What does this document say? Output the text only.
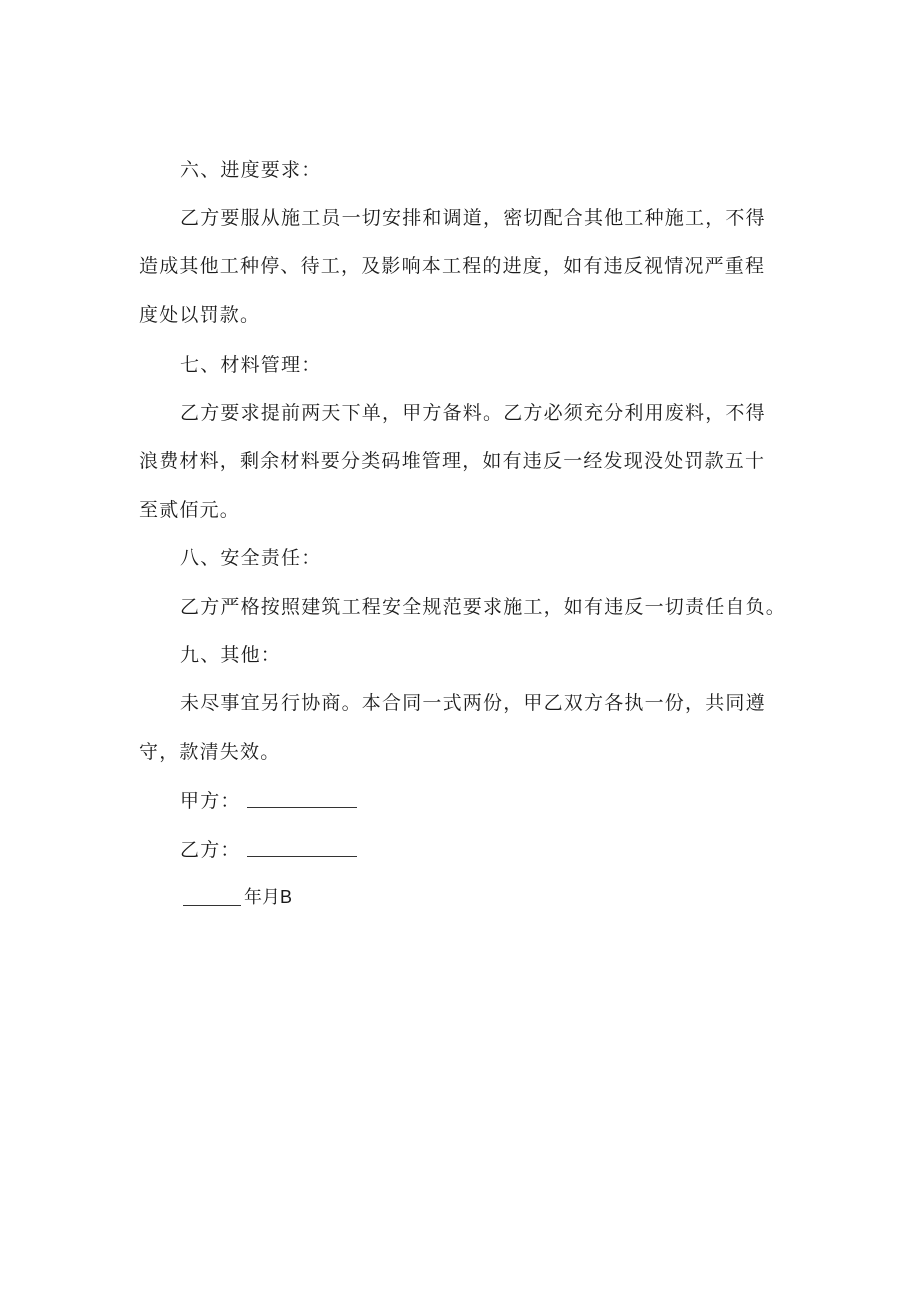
六、进度要求：
乙方要服从施工员一切安排和调道，密切配合其他工种施工，不得
造成其他工种停、待工，及影响本工程的进度，如有违反视情况严重程
度处以罚款。
七、材料管理：
乙方要求提前两天下单，甲方备料。乙方必须充分利用废料，不得
浪费材料，剩余材料要分类码堆管理，如有违反一经发现没处罚款五十
至贰佰元。
八、安全责任：
乙方严格按照建筑工程安全规范要求施工，如有违反一切责任自负。
九、其他：
未尽事宜另行协商。本合同一式两份，甲乙双方各执一份，共同遵
守，款清失效。
甲方：
乙方：
年月B
